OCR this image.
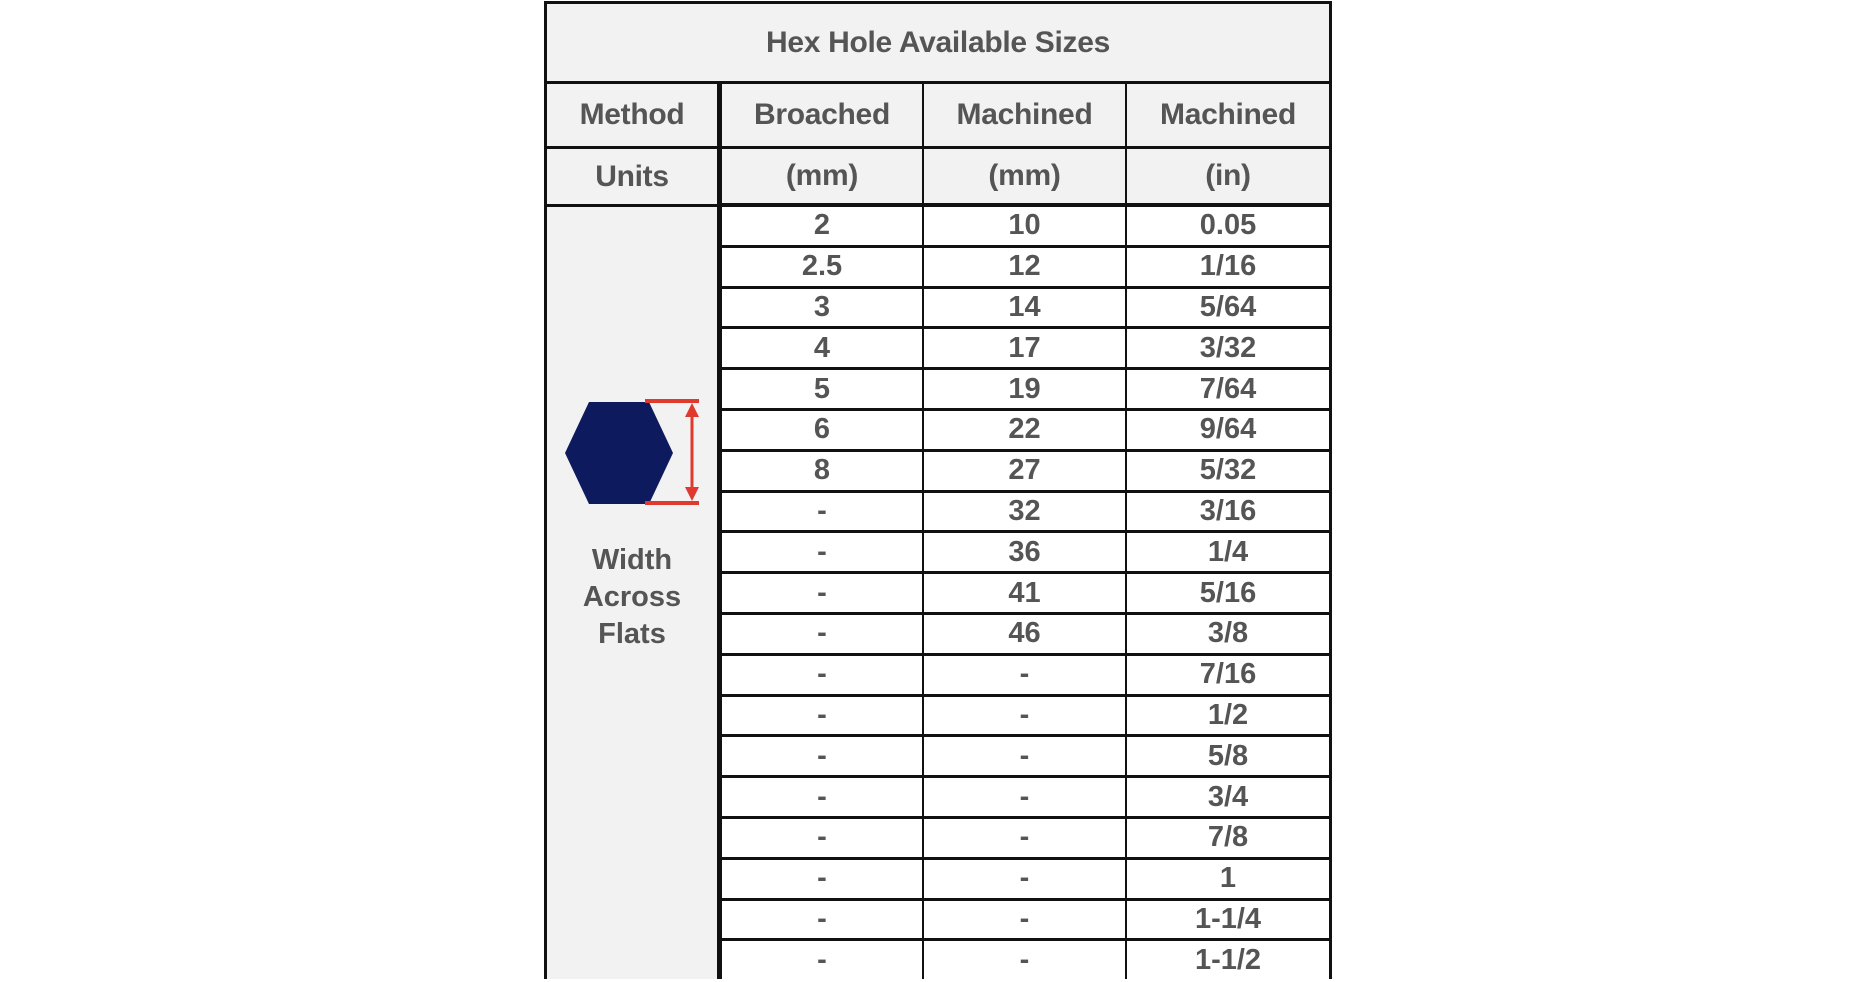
Hex Hole Available Sizes
Method	Broached	Machined	Machined
Units	(mm)	(mm)	(in)
Width
Across
Flats
2	10	0.05
2.5	12	1/16
3	14	5/64
4	17	3/32
5	19	7/64
6	22	9/64
8	27	5/32
-	32	3/16
-	36	1/4
-	41	5/16
-	46	3/8
-	-	7/16
-	-	1/2
-	-	5/8
-	-	3/4
-	-	7/8
-	-	1
-	-	1-1/4
-	-	1-1/2
